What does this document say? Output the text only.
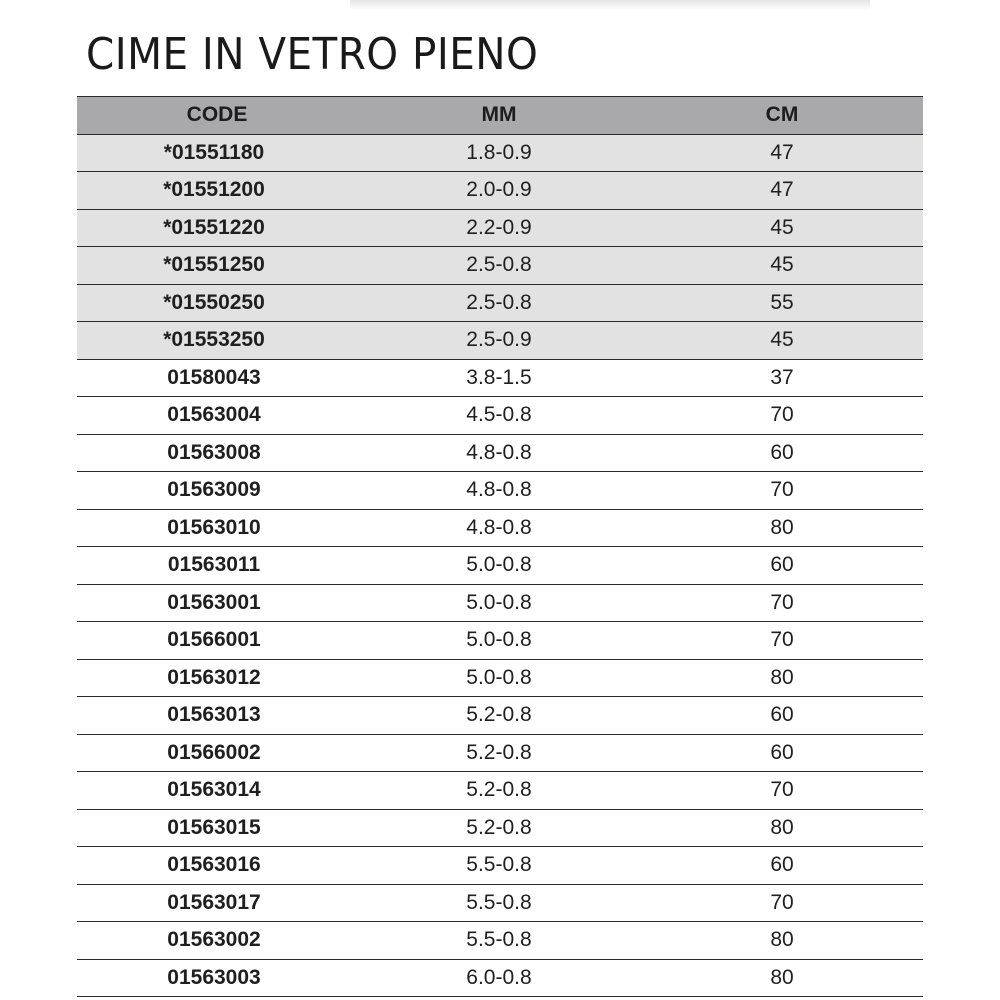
CIME IN VETRO PIENO
CODE	MM	CM
*01551180	1.8-0.9	47
*01551200	2.0-0.9	47
*01551220	2.2-0.9	45
*01551250	2.5-0.8	45
*01550250	2.5-0.8	55
*01553250	2.5-0.9	45
01580043	3.8-1.5	37
01563004	4.5-0.8	70
01563008	4.8-0.8	60
01563009	4.8-0.8	70
01563010	4.8-0.8	80
01563011	5.0-0.8	60
01563001	5.0-0.8	70
01566001	5.0-0.8	70
01563012	5.0-0.8	80
01563013	5.2-0.8	60
01566002	5.2-0.8	60
01563014	5.2-0.8	70
01563015	5.2-0.8	80
01563016	5.5-0.8	60
01563017	5.5-0.8	70
01563002	5.5-0.8	80
01563003	6.0-0.8	80
